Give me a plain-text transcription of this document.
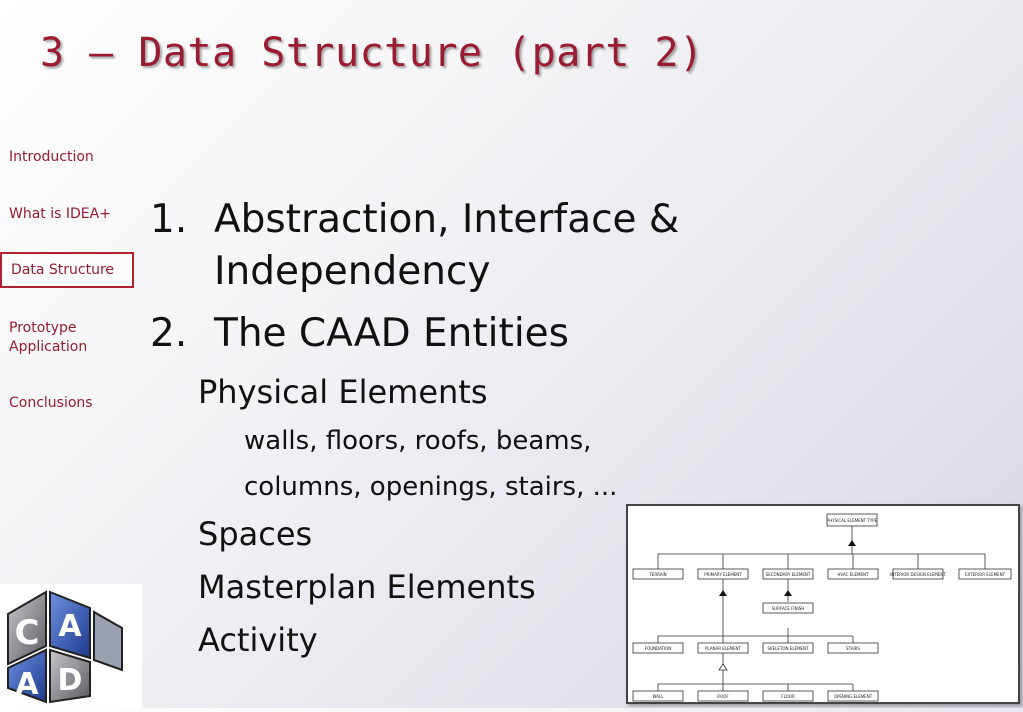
3 – Data Structure (part 2)
Introduction
What is IDEA+
Data Structure
Prototype
Application
Conclusions
1. Abstraction, Interface &
Independency
2. The CAAD Entities
Physical Elements
walls, floors, roofs, beams,
columns, openings, stairs, ...
Spaces
Masterplan Elements
Activity
C A
A D
PHYSICAL ELEMENT TYPE
TERRAIN	PRIMARY ELEMENT	SECONDARY ELEMENT	HVAC ELEMENT	INTERIOR DESIGN ELEMENT	EXTERIOR ELEMENT
SURFACE FINISH
FOUNDATION	PLANAR ELEMENT	SKELETON ELEMENT	STAIRS
WALL	ROOF	FLOOR	OPENING ELEMENT
